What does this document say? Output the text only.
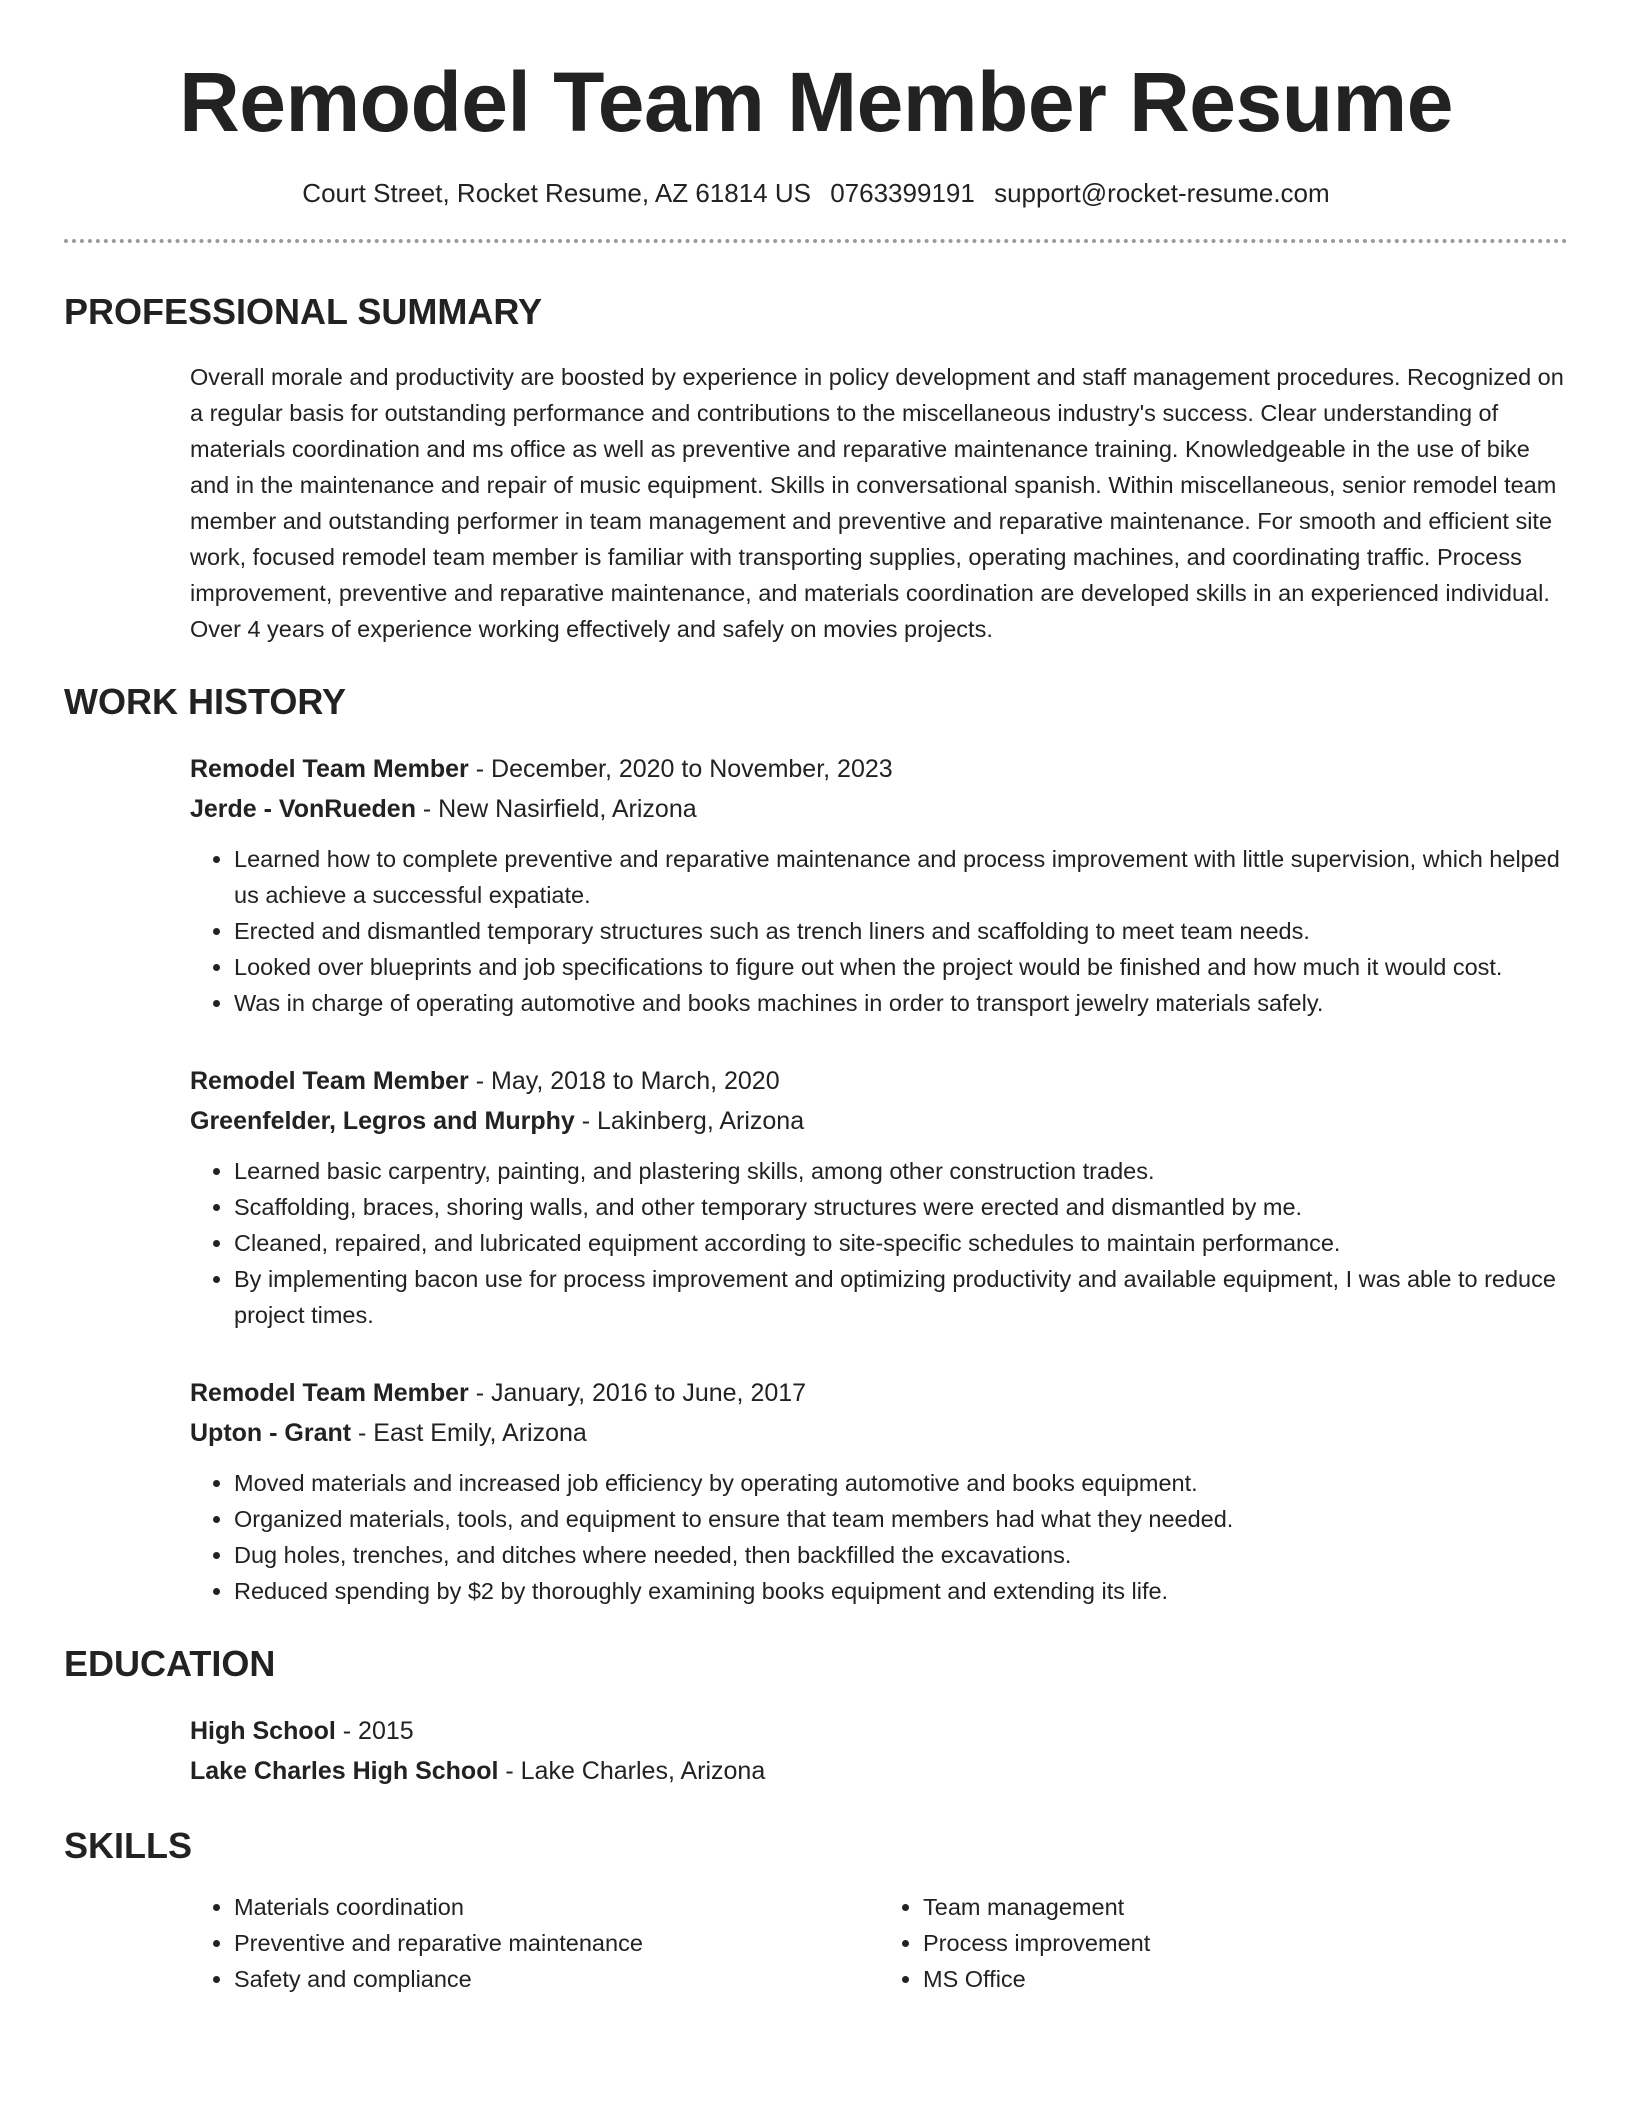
Remodel Team Member Resume
Court Street, Rocket Resume, AZ 61814 US 0763399191 support@rocket-resume.com
PROFESSIONAL SUMMARY
Overall morale and productivity are boosted by experience in policy development and staff management procedures. Recognized on a regular basis for outstanding performance and contributions to the miscellaneous industry's success. Clear understanding of materials coordination and ms office as well as preventive and reparative maintenance training. Knowledgeable in the use of bike and in the maintenance and repair of music equipment. Skills in conversational spanish. Within miscellaneous, senior remodel team member and outstanding performer in team management and preventive and reparative maintenance. For smooth and efficient site work, focused remodel team member is familiar with transporting supplies, operating machines, and coordinating traffic. Process improvement, preventive and reparative maintenance, and materials coordination are developed skills in an experienced individual. Over 4 years of experience working effectively and safely on movies projects.
WORK HISTORY
Remodel Team Member - December, 2020 to November, 2023
Jerde - VonRueden - New Nasirfield, Arizona
• Learned how to complete preventive and reparative maintenance and process improvement with little supervision, which helped us achieve a successful expatiate.
• Erected and dismantled temporary structures such as trench liners and scaffolding to meet team needs.
• Looked over blueprints and job specifications to figure out when the project would be finished and how much it would cost.
• Was in charge of operating automotive and books machines in order to transport jewelry materials safely.
Remodel Team Member - May, 2018 to March, 2020
Greenfelder, Legros and Murphy - Lakinberg, Arizona
• Learned basic carpentry, painting, and plastering skills, among other construction trades.
• Scaffolding, braces, shoring walls, and other temporary structures were erected and dismantled by me.
• Cleaned, repaired, and lubricated equipment according to site-specific schedules to maintain performance.
• By implementing bacon use for process improvement and optimizing productivity and available equipment, I was able to reduce project times.
Remodel Team Member - January, 2016 to June, 2017
Upton - Grant - East Emily, Arizona
• Moved materials and increased job efficiency by operating automotive and books equipment.
• Organized materials, tools, and equipment to ensure that team members had what they needed.
• Dug holes, trenches, and ditches where needed, then backfilled the excavations.
• Reduced spending by $2 by thoroughly examining books equipment and extending its life.
EDUCATION
High School - 2015
Lake Charles High School - Lake Charles, Arizona
SKILLS
• Materials coordination
• Preventive and reparative maintenance
• Safety and compliance
• Team management
• Process improvement
• MS Office
